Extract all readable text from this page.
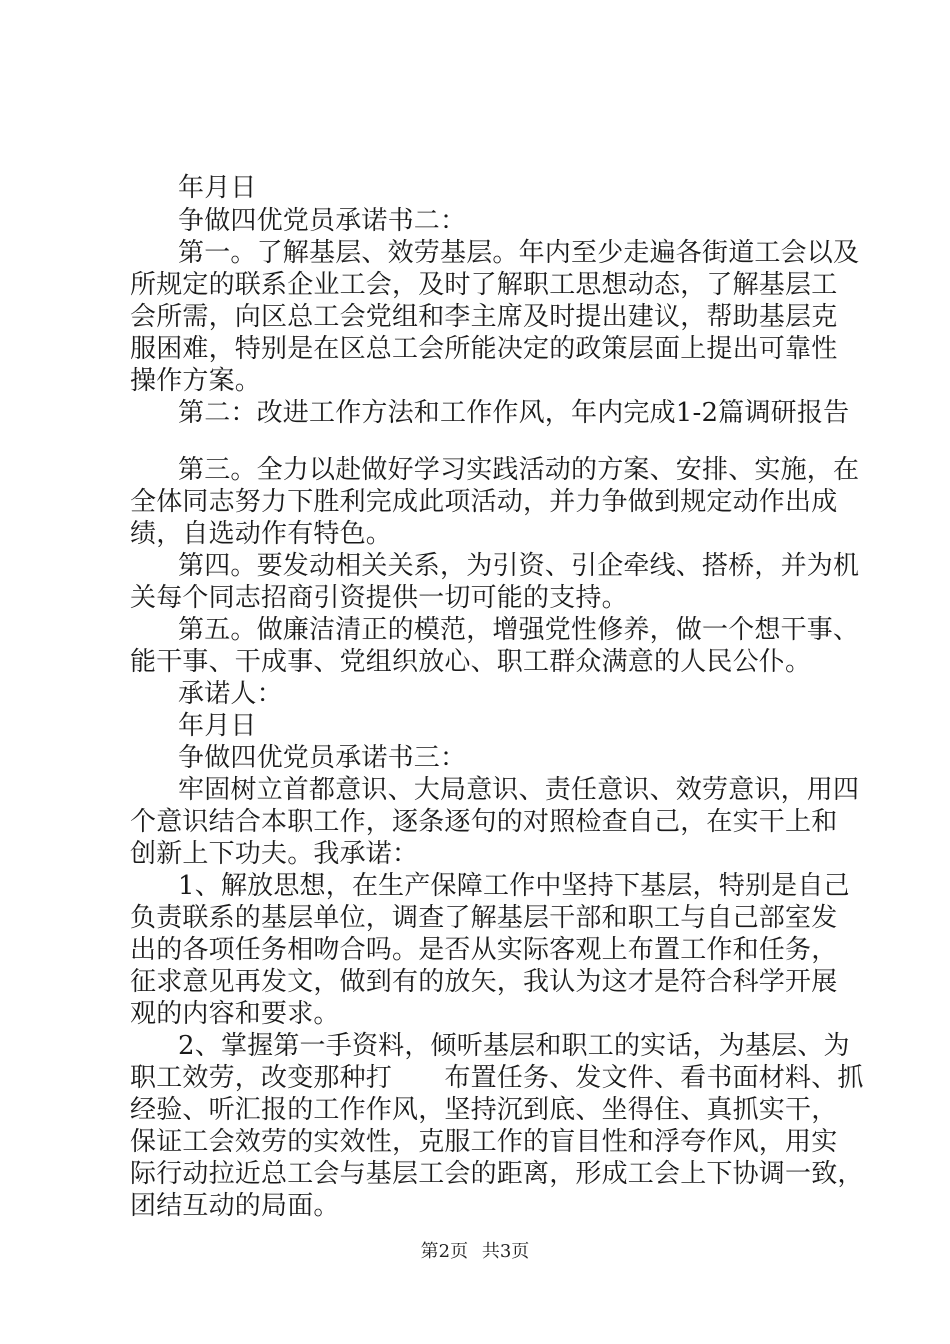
年月日
争做四优党员承诺书二：
第一。了解基层、效劳基层。年内至少走遍各街道工会以及
所规定的联系企业工会，及时了解职工思想动态，了解基层工
会所需，向区总工会党组和李主席及时提出建议，帮助基层克
服困难，特别是在区总工会所能决定的政策层面上提出可靠性
操作方案。
第二：改进工作方法和工作作风，年内完成1-2篇调研报告
第三。全力以赴做好学习实践活动的方案、安排、实施，在
全体同志努力下胜利完成此项活动，并力争做到规定动作出成
绩，自选动作有特色。
第四。要发动相关关系，为引资、引企牵线、搭桥，并为机
关每个同志招商引资提供一切可能的支持。
第五。做廉洁清正的模范，增强党性修养，做一个想干事、
能干事、干成事、党组织放心、职工群众满意的人民公仆。
承诺人：
年月日
争做四优党员承诺书三：
牢固树立首都意识、大局意识、责任意识、效劳意识，用四
个意识结合本职工作，逐条逐句的对照检查自己，在实干上和
创新上下功夫。我承诺：
1、解放思想，在生产保障工作中坚持下基层，特别是自己
负责联系的基层单位，调查了解基层干部和职工与自己部室发
出的各项任务相吻合吗。是否从实际客观上布置工作和任务，
征求意见再发文，做到有的放矢，我认为这才是符合科学开展
观的内容和要求。
2、掌握第一手资料，倾听基层和职工的实话，为基层、为
职工效劳，改变那种打　　布置任务、发文件、看书面材料、抓
经验、听汇报的工作作风，坚持沉到底、坐得住、真抓实干，
保证工会效劳的实效性，克服工作的盲目性和浮夸作风，用实
际行动拉近总工会与基层工会的距离，形成工会上下协调一致，
团结互动的局面。
第2页 共3页
